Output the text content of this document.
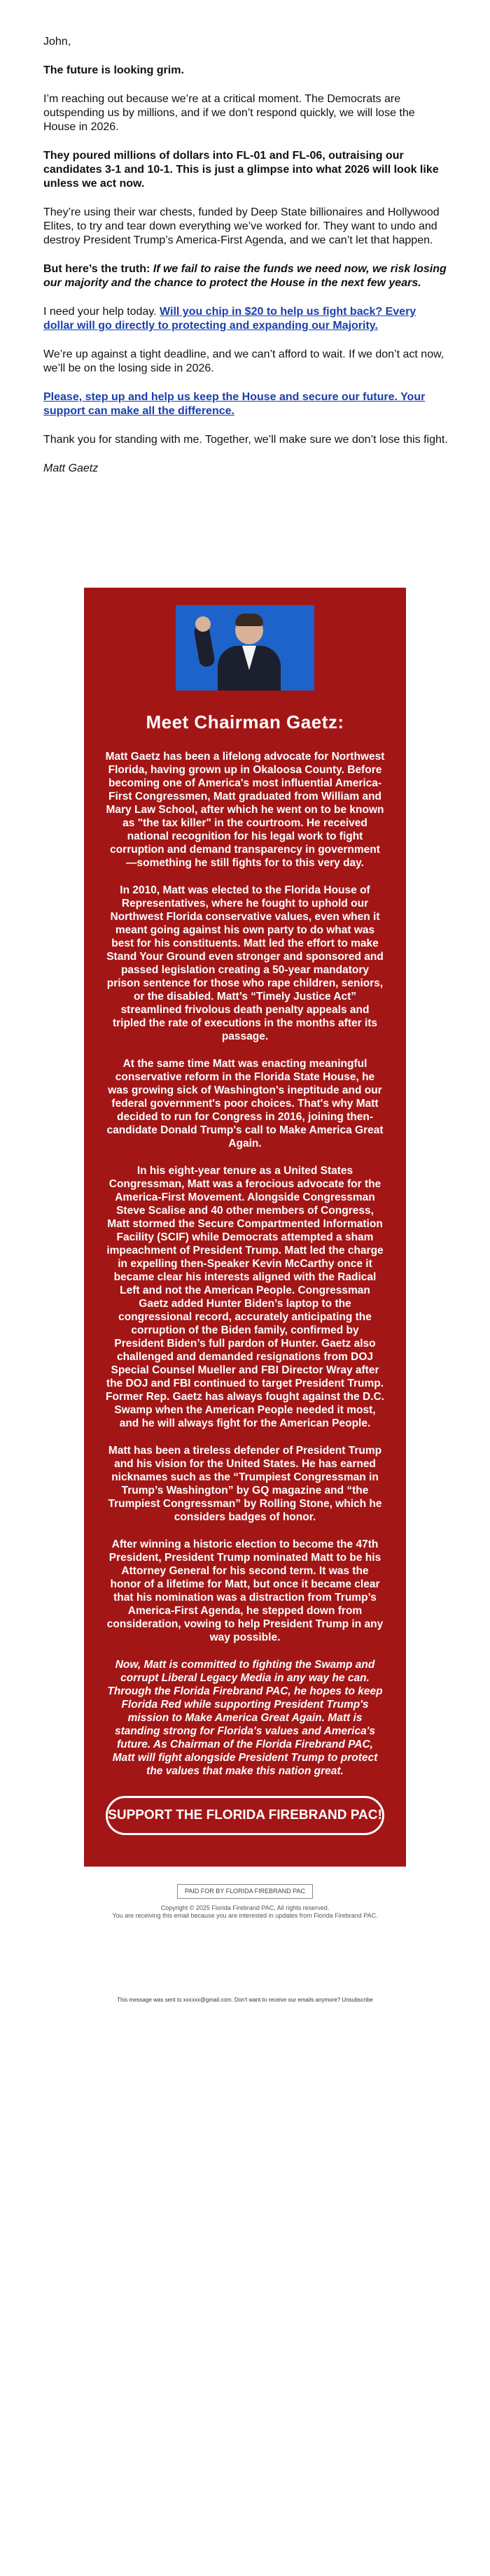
John,

The future is looking grim.

I’m reaching out because we’re at a critical moment. The Democrats are outspending us by millions, and if we don’t respond quickly, we will lose the House in 2026.

They poured millions of dollars into FL-01 and FL-06, outraising our candidates 3-1 and 10-1. This is just a glimpse into what 2026 will look like unless we act now.

They’re using their war chests, funded by Deep State billionaires and Hollywood Elites, to try and tear down everything we’ve worked for. They want to undo and destroy President Trump’s America-First Agenda, and we can’t let that happen.

But here’s the truth: If we fail to raise the funds we need now, we risk losing our majority and the chance to protect the House in the next few years.

I need your help today. Will you chip in $20 to help us fight back? Every dollar will go directly to protecting and expanding our Majority.

We’re up against a tight deadline, and we can’t afford to wait. If we don’t act now, we’ll be on the losing side in 2026.

Please, step up and help us keep the House and secure our future. Your support can make all the difference.

Thank you for standing with me. Together, we’ll make sure we don’t lose this fight.

Matt Gaetz

Meet Chairman Gaetz:

Matt Gaetz has been a lifelong advocate for Northwest Florida, having grown up in Okaloosa County. Before becoming one of America's most influential America-First Congressmen, Matt graduated from William and Mary Law School, after which he went on to be known as "the tax killer" in the courtroom. He received national recognition for his legal work to fight corruption and demand transparency in government—something he still fights for to this very day.

In 2010, Matt was elected to the Florida House of Representatives, where he fought to uphold our Northwest Florida conservative values, even when it meant going against his own party to do what was best for his constituents. Matt led the effort to make Stand Your Ground even stronger and sponsored and passed legislation creating a 50-year mandatory prison sentence for those who rape children, seniors, or the disabled. Matt’s “Timely Justice Act” streamlined frivolous death penalty appeals and tripled the rate of executions in the months after its passage.

At the same time Matt was enacting meaningful conservative reform in the Florida State House, he was growing sick of Washington's ineptitude and our federal government's poor choices. That's why Matt decided to run for Congress in 2016, joining then-candidate Donald Trump's call to Make America Great Again.

In his eight-year tenure as a United States Congressman, Matt was a ferocious advocate for the America-First Movement. Alongside Congressman Steve Scalise and 40 other members of Congress, Matt stormed the Secure Compartmented Information Facility (SCIF) while Democrats attempted a sham impeachment of President Trump. Matt led the charge in expelling then-Speaker Kevin McCarthy once it became clear his interests aligned with the Radical Left and not the American People. Congressman Gaetz added Hunter Biden’s laptop to the congressional record, accurately anticipating the corruption of the Biden family, confirmed by President Biden’s full pardon of Hunter. Gaetz also challenged and demanded resignations from DOJ Special Counsel Mueller and FBI Director Wray after the DOJ and FBI continued to target President Trump. Former Rep. Gaetz has always fought against the D.C. Swamp when the American People needed it most, and he will always fight for the American People.

Matt has been a tireless defender of President Trump and his vision for the United States. He has earned nicknames such as the “Trumpiest Congressman in Trump’s Washington” by GQ magazine and “the Trumpiest Congressman” by Rolling Stone, which he considers badges of honor.

After winning a historic election to become the 47th President, President Trump nominated Matt to be his Attorney General for his second term. It was the honor of a lifetime for Matt, but once it became clear that his nomination was a distraction from Trump’s America-First Agenda, he stepped down from consideration, vowing to help President Trump in any way possible.

Now, Matt is committed to fighting the Swamp and corrupt Liberal Legacy Media in any way he can. Through the Florida Firebrand PAC, he hopes to keep Florida Red while supporting President Trump's mission to Make America Great Again. Matt is standing strong for Florida's values and America's future. As Chairman of the Florida Firebrand PAC, Matt will fight alongside President Trump to protect the values that make this nation great.

SUPPORT THE FLORIDA FIREBRAND PAC!
PAID FOR BY FLORIDA FIREBRAND PAC
Copyright © 2025 Florida Firebrand PAC, All rights reserved.
You are receiving this email because you are interested in updates from Florida Firebrand PAC.
This message was sent to xxxxxx@gmail.com. Don't want to receive our emails anymore? Unsubscribe
